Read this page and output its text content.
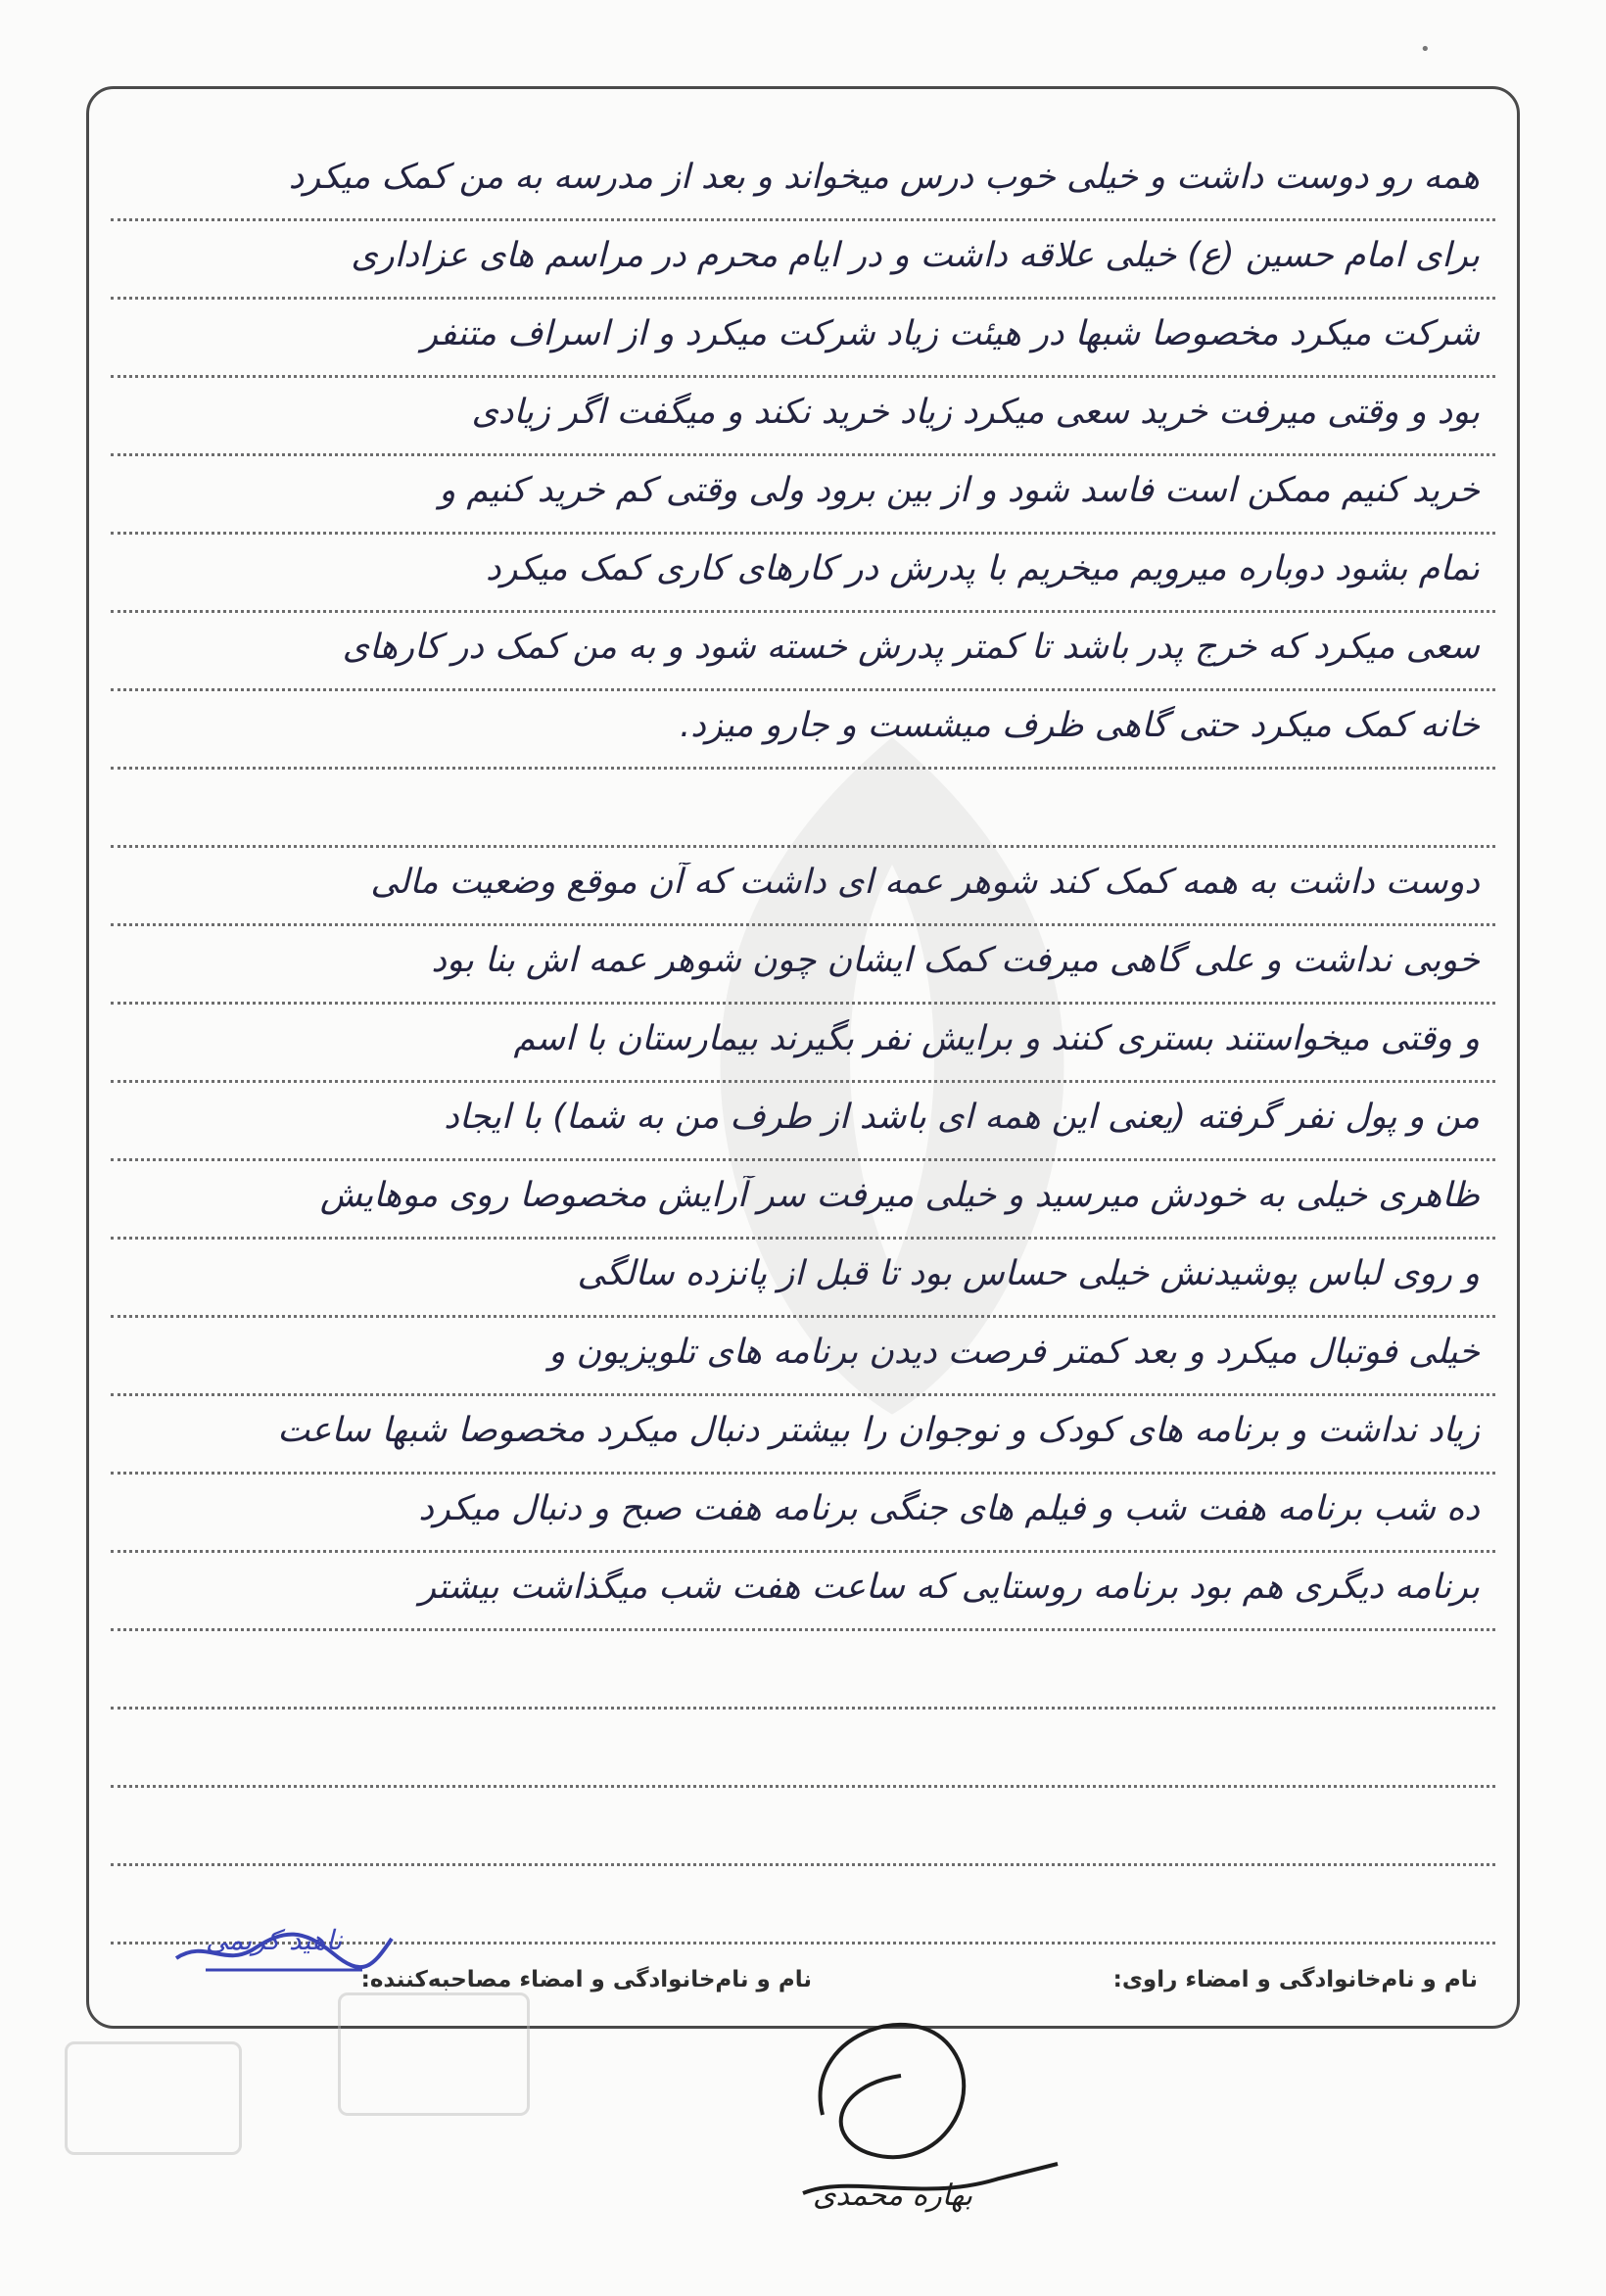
•
همه رو دوست داشت و خیلی خوب درس میخواند و بعد از مدرسه به من کمک میکرد
برای امام حسین (ع) خیلی علاقه داشت و در ایام محرم در مراسم های عزاداری
شرکت میکرد مخصوصا شبها در هیئت زیاد شرکت میکرد و از اسراف متنفر
بود و وقتی میرفت خرید سعی میکرد زیاد خرید نکند و میگفت اگر زیادی
خرید کنیم ممکن است فاسد شود و از بین برود ولی وقتی کم خرید کنیم و
تمام بشود دوباره میرویم میخریم با پدرش در کارهای کاری کمک میکرد
سعی میکرد که خرج پدر باشد تا کمتر پدرش خسته شود و به من کمک در کارهای
خانه کمک میکرد حتی گاهی ظرف میشست و جارو میزد.
دوست داشت به همه کمک کند شوهر عمه ای داشت که آن موقع وضعیت مالی
خوبی نداشت و علی گاهی میرفت کمک ایشان چون شوهر عمه اش بنا بود
و وقتی میخواستند بستری کنند و برایش نفر بگیرند بیمارستان با اسم
من و پول نفر گرفته (یعنی این همه ای باشد از طرف من به شما) با ایجاد
ظاهری خیلی به خودش میرسید و خیلی میرفت سر آرایش مخصوصا روی موهایش
و روی لباس پوشیدنش خیلی حساس بود تا قبل از پانزده سالگی
خیلی فوتبال میکرد و بعد کمتر فرصت دیدن برنامه های تلویزیون و
زیاد نداشت و برنامه های کودک و نوجوان را بیشتر دنبال میکرد مخصوصا شبها ساعت
ده شب برنامه هفت شب و فیلم های جنگی برنامه هفت صبح و دنبال میکرد
برنامه دیگری هم بود برنامه روستایی که ساعت هفت شب میگذاشت بیشتر
نام و نام‌خانوادگی و امضاء راوی:
نام و نام‌خانوادگی و امضاء مصاحبه‌کننده:
ناهید کریمی
بهاره محمدی
